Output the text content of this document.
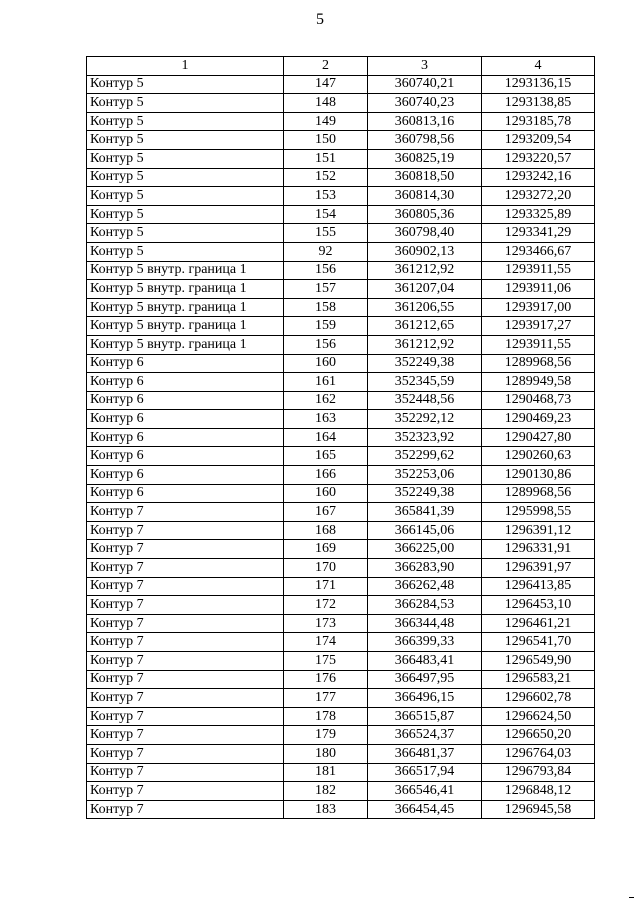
5
1	2	3	4
Контур 5	147	360740,21	1293136,15
Контур 5	148	360740,23	1293138,85
Контур 5	149	360813,16	1293185,78
Контур 5	150	360798,56	1293209,54
Контур 5	151	360825,19	1293220,57
Контур 5	152	360818,50	1293242,16
Контур 5	153	360814,30	1293272,20
Контур 5	154	360805,36	1293325,89
Контур 5	155	360798,40	1293341,29
Контур 5	92	360902,13	1293466,67
Контур 5 внутр. граница 1	156	361212,92	1293911,55
Контур 5 внутр. граница 1	157	361207,04	1293911,06
Контур 5 внутр. граница 1	158	361206,55	1293917,00
Контур 5 внутр. граница 1	159	361212,65	1293917,27
Контур 5 внутр. граница 1	156	361212,92	1293911,55
Контур 6	160	352249,38	1289968,56
Контур 6	161	352345,59	1289949,58
Контур 6	162	352448,56	1290468,73
Контур 6	163	352292,12	1290469,23
Контур 6	164	352323,92	1290427,80
Контур 6	165	352299,62	1290260,63
Контур 6	166	352253,06	1290130,86
Контур 6	160	352249,38	1289968,56
Контур 7	167	365841,39	1295998,55
Контур 7	168	366145,06	1296391,12
Контур 7	169	366225,00	1296331,91
Контур 7	170	366283,90	1296391,97
Контур 7	171	366262,48	1296413,85
Контур 7	172	366284,53	1296453,10
Контур 7	173	366344,48	1296461,21
Контур 7	174	366399,33	1296541,70
Контур 7	175	366483,41	1296549,90
Контур 7	176	366497,95	1296583,21
Контур 7	177	366496,15	1296602,78
Контур 7	178	366515,87	1296624,50
Контур 7	179	366524,37	1296650,20
Контур 7	180	366481,37	1296764,03
Контур 7	181	366517,94	1296793,84
Контур 7	182	366546,41	1296848,12
Контур 7	183	366454,45	1296945,58
